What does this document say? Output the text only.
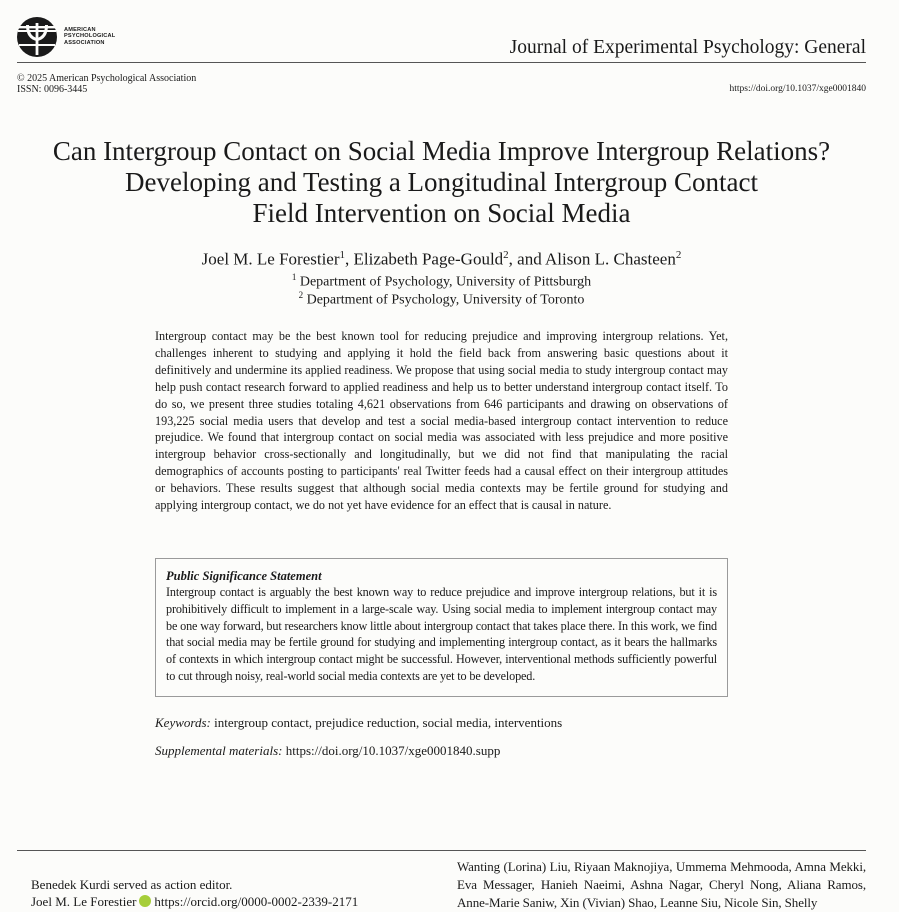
AMERICAN
PSYCHOLOGICAL
ASSOCIATION	Journal of Experimental Psychology: General
© 2025 American Psychological Association
ISSN: 0096-3445	https://doi.org/10.1037/xge0001840
Can Intergroup Contact on Social Media Improve Intergroup Relations?
Developing and Testing a Longitudinal Intergroup Contact
Field Intervention on Social Media
Joel M. Le Forestier$^1$, Elizabeth Page-Gould$^2$, and Alison L. Chasteen$^2$
$^1$ Department of Psychology, University of Pittsburgh
$^2$ Department of Psychology, University of Toronto

Intergroup contact may be the best known tool for reducing prejudice and improving intergroup relations. Yet, challenges inherent to studying and applying it hold the field back from answering basic questions about it definitively and undermine its applied readiness. We propose that using social media to study intergroup contact may help push contact research forward to applied readiness and help us to better understand intergroup contact itself. To do so, we present three studies totaling 4,621 observations from 646 participants and drawing on observations of 193,225 social media users that develop and test a social media-based intergroup contact intervention to reduce prejudice. We found that intergroup contact on social media was associated with less prejudice and more positive intergroup behavior cross-sectionally and longitudinally, but we did not find that manipulating the racial demographics of accounts posting to participants' real Twitter feeds had a causal effect on their intergroup attitudes or behaviors. These results suggest that although social media contexts may be fertile ground for studying and applying intergroup contact, we do not yet have evidence for an effect that is causal in nature.

Public Significance Statement

Intergroup contact is arguably the best known way to reduce prejudice and improve intergroup relations, but it is prohibitively difficult to implement in a large-scale way. Using social media to implement intergroup contact may be one way forward, but researchers know little about intergroup contact that takes place there. In this work, we find that social media may be fertile ground for studying and implementing intergroup contact, as it bears the hallmarks of contexts in which intergroup contact might be successful. However, interventional methods sufficiently powerful to cut through noisy, real-world social media contexts are yet to be developed.

Keywords: intergroup contact, prejudice reduction, social media, interventions
Supplemental materials: https://doi.org/10.1037/xge0001840.supp
Benedek Kurdi served as action editor.
Joel M. Le Forestier https://orcid.org/0000-0002-2339-2171

Wanting (Lorina) Liu, Riyaan Maknojiya, Ummema Mehmooda, Amna Mekki, Eva Messager, Hanieh Naeimi, Ashna Nagar, Cheryl Nong, Aliana Ramos, Anne-Marie Saniw, Xin (Vivian) Shao, Leanne Siu, Nicole Sin, Shelly
